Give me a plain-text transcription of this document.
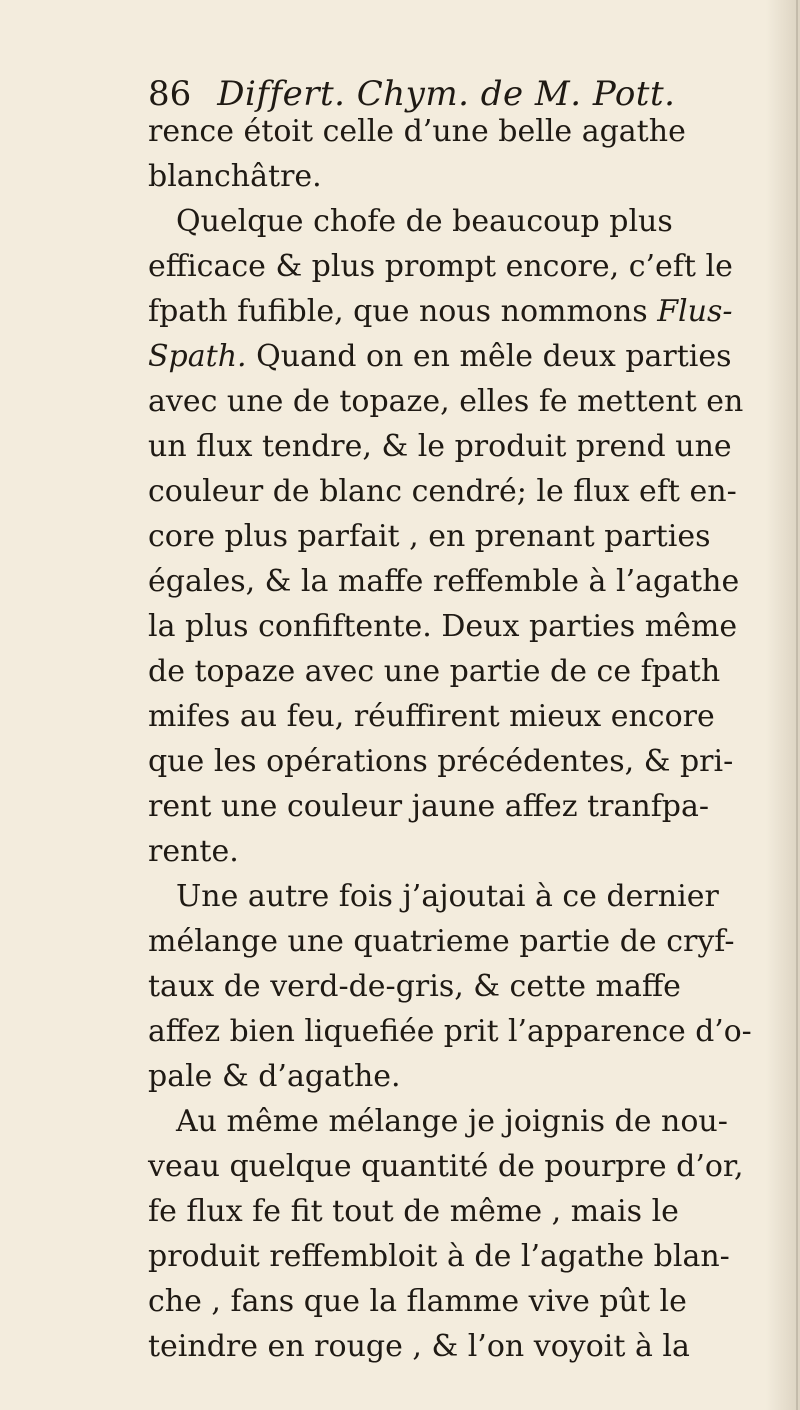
86 Differt. Chym. de M. Pott.
rence étoit celle d’une belle agathe
blanchâtre.
Quelque chofe de beaucoup plus
efficace & plus prompt encore, c’eft le
fpath fufible, que nous nommons Flus-
Spath. Quand on en mêle deux parties
avec une de topaze, elles fe mettent en
un flux tendre, & le produit prend une
couleur de blanc cendré; le flux eft en-
core plus parfait , en prenant parties
égales, & la maffe reffemble à l’agathe
la plus confiftente. Deux parties même
de topaze avec une partie de ce fpath
mifes au feu, réuffirent mieux encore
que les opérations précédentes, & pri-
rent une couleur jaune affez tranfpa-
rente.
Une autre fois j’ajoutai à ce dernier
mélange une quatrieme partie de cryf-
taux de verd-de-gris, & cette maffe
affez bien liquefiée prit l’apparence d’o-
pale & d’agathe.
Au même mélange je joignis de nou-
veau quelque quantité de pourpre d’or,
fe flux fe fit tout de même , mais le
produit reffembloit à de l’agathe blan-
che , fans que la flamme vive pût le
teindre en rouge , & l’on voyoit à la
